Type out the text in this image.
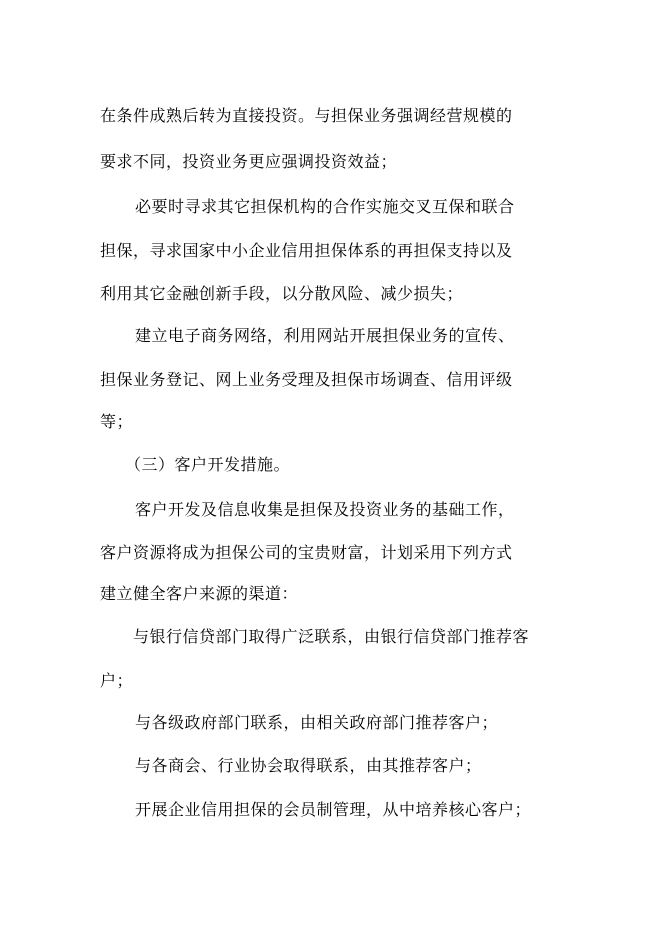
在条件成熟后转为直接投资。与担保业务强调经营规模的
要求不同，投资业务更应强调投资效益；
必要时寻求其它担保机构的合作实施交叉互保和联合
担保，寻求国家中小企业信用担保体系的再担保支持以及
利用其它金融创新手段，以分散风险、减少损失；
建立电子商务网络，利用网站开展担保业务的宣传、
担保业务登记、网上业务受理及担保市场调查、信用评级
等；
（三）客户开发措施。
客户开发及信息收集是担保及投资业务的基础工作，
客户资源将成为担保公司的宝贵财富，计划采用下列方式
建立健全客户来源的渠道：
与银行信贷部门取得广泛联系，由银行信贷部门推荐客
户；
与各级政府部门联系，由相关政府部门推荐客户；
与各商会、行业协会取得联系，由其推荐客户；
开展企业信用担保的会员制管理，从中培养核心客户；
